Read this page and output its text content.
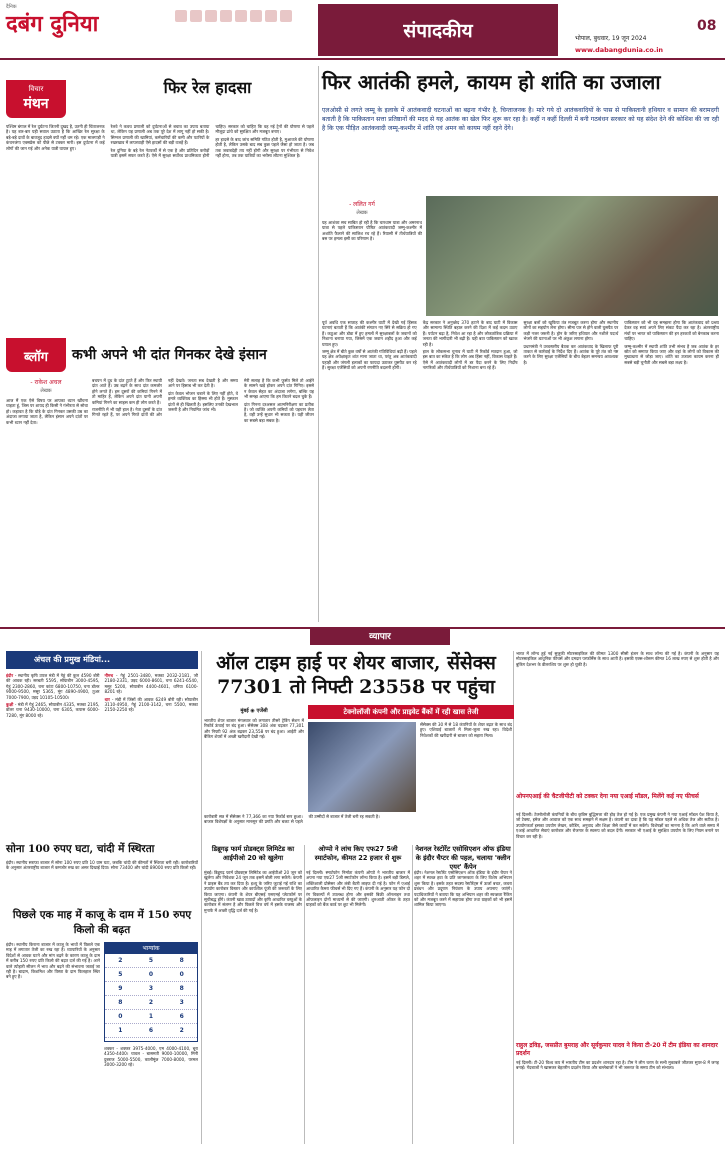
दैनिक
दबंग दुनिया	संपादकीय	भोपाल, बुधवार, 19 जून 2024
www.dabangdunia.co.in
08
विचार
मंथन
फिर रेल हादसा

पश्चिम बंगाल में रेल दुर्घटना जितनी दुखद है, उतनी ही चिंताजनक है। यह बार-बार यही सवाल उठाता है कि आखिर रेल सुरक्षा के बड़े-बड़े दावों के बावजूद हादसे क्यों नहीं थम रहे। एक मालगाड़ी ने कंचनजंगा एक्सप्रेस को पीछे से टक्कर मारी। इस दुर्घटना में कई लोगों की जान गई और अनेक यात्री घायल हुए।

रेलवे ने कवच प्रणाली को दुर्घटनाओं से बचाव का उपाय बताया था, लेकिन यह प्रणाली अब तक पूरे देश में लागू नहीं हो सकी है। सिग्नल प्रणाली की खामियां, कर्मचारियों की कमी और पटरियों के रखरखाव में लापरवाही ऐसे हादसों की बड़ी वजहें हैं।

रेल दुनिया के बड़े रेल नेटवर्कों में से एक है और प्रतिदिन करोड़ों यात्री इसमें सफर करते हैं। ऐसे में सुरक्षा सर्वोच्च प्राथमिकता होनी चाहिए। सरकार को चाहिए कि वह नई ट्रेनों की घोषणा से पहले मौजूदा ढांचे को सुरक्षित और मजबूत बनाए।

हर हादसे के बाद जांच समिति गठित होती है, मुआवजे की घोषणा होती है, लेकिन उसके बाद सब कुछ पहले जैसा हो जाता है। जब तक जवाबदेही तय नहीं होगी और सुरक्षा पर गंभीरता से निवेश नहीं होगा, तब तक यात्रियों का भरोसा लौटना मुश्किल है।

फिर आतंकी हमले, कायम हो शांति का उजाला
एलओसी से लगते जम्मू के इलाके में आतंकवादी घटनाओं का बढ़ना गंभीर है, चिन्ताजनक है। मारे गये दो आतंकवादियों के पास से पाकिस्तानी हथियार व सामान की बरामदगी बताती है कि पाकिस्तान सत्ता प्रतिष्ठानों की मदद से यह आतंक का खेल फिर शुरू कर रहा है। कहीं न कहीं दिल्ली में बनी गठबंधन सरकार को यह संदेश देने की कोशिश की जा रही है कि एक पीड़ित आतंकवादी जम्मू-कश्मीर में शांति एवं अमन को कायम नहीं रहने देंगे।
- ललित गर्ग
लेखक
यह आशंका सच साबित हो रही है कि चारधाम यात्रा और अमरनाथ यात्रा से पहले पाकिस्तान पोषित आतंकवादी जम्मू-कश्मीर में अशांति फैलाने की साजिश रच रहे हैं। रियासी में तीर्थयात्रियों की बस पर हमला इसी का परिणाम है।

पूर्व अवधि एक सप्ताह की कश्मीर घाटी में देखी गई हिंसक घटनाएं बताती हैं कि आतंकी संगठन नए सिरे से सक्रिय हो गए हैं। कठुआ और डोडा में हुए हमलों में सुरक्षाबलों के जवानों को निशाना बनाया गया, जिसमें एक जवान शहीद हुआ और कई घायल हुए।

जम्मू क्षेत्र में बीते कुछ वर्षों से आतंकी गतिविधियां बढ़ी हैं। पहले यह क्षेत्र अपेक्षाकृत शांत माना जाता था, परंतु अब आतंकवादी पहाड़ी और जंगली इलाकों का फायदा उठाकर घुसपैठ कर रहे हैं। सुरक्षा एजेंसियों को अपनी रणनीति बदलनी होगी।

केंद्र सरकार ने अनुच्छेद 370 हटाने के बाद घाटी में विकास और सामान्य स्थिति बहाल करने की दिशा में कई कदम उठाए हैं। पर्यटन बढ़ा है, निवेश आ रहा है और लोकतांत्रिक प्रक्रिया में जनता की भागीदारी भी बढ़ी है। यही बात पाकिस्तान को खटक रही है।

हाल के लोकसभा चुनाव में घाटी में रिकॉर्ड मतदान हुआ, जो इस बात का संकेत है कि लोग अब हिंसा नहीं, विकास चाहते हैं। ऐसे में आतंकवादी लोगों में डर पैदा करने के लिए निर्दोष नागरिकों और तीर्थयात्रियों को निशाना बना रहे हैं।

सुरक्षा बलों को खुफिया तंत्र मजबूत करना होगा और स्थानीय लोगों का सहयोग लेना होगा। सीमा पार से होने वाली घुसपैठ पर कड़ी नजर जरूरी है। ड्रोन के जरिए हथियार और नशीले पदार्थ भेजने की घटनाओं पर भी अंकुश लगाना होगा।

प्रधानमंत्री ने उच्चस्तरीय बैठक कर आतंकवाद के खिलाफ पूरी ताकत से कार्रवाई के निर्देश दिए हैं। आतंक के पूरे तंत्र को नष्ट करने के लिए सुरक्षा एजेंसियों के बीच बेहतर समन्वय आवश्यक है।

पाकिस्तान को भी यह समझना होगा कि आतंकवाद को प्रश्रय देकर वह स्वयं अपने लिए संकट पैदा कर रहा है। अंतरराष्ट्रीय मंचों पर भारत को पाकिस्तान की इन हरकतों को बेनकाब करना चाहिए।

जम्मू-कश्मीर में स्थायी शांति तभी संभव है जब आतंक के हर स्रोत को समाप्त किया जाए और वहां के लोगों को विकास की मुख्यधारा से जोड़ा जाए। शांति का उजाला कायम करना ही सबसे बड़ी चुनौती और सबसे बड़ा लक्ष्य है।

ब्लॉग	कभी अपने भी दांत गिनकर देखे इंसान
- राकेश अचल
लेखक
आज मैं एक ऐसे विषय पर आपका ध्यान खींचना चाहता हूं, जिस पर शायद ही किसी ने गंभीरता से सोचा हो। कहावत है कि घोड़े के दांत गिनकर उसकी उम्र का अंदाजा लगाया जाता है, लेकिन इंसान अपने दांतों पर कभी ध्यान नहीं देता।

बचपन में दूध के दांत टूटते हैं और फिर स्थायी दांत आते हैं। उम्र बढ़ने के साथ दांत कमजोर होने लगते हैं। हम दूसरों की कमियां गिनने में तो माहिर हैं, लेकिन अपने दांत यानी अपनी कमियां गिनने का साहस कम ही लोग करते हैं।

राजनीति में भी यही हाल है। नेता दूसरों के दांत गिनते रहते हैं, पर अपने गिरते दांतों की ओर नहीं देखते। जनता सब देखती है और समय आने पर हिसाब भी कर देती है।

दांत केवल भोजन चबाने के लिए नहीं होते, वे हमारे व्यक्तित्व का हिस्सा भी होते हैं। मुस्कान दांतों से ही खिलती है। इसलिए उनकी देखभाल जरूरी है और नियमित जांच भी।

मेरी सलाह है कि कभी फुर्सत मिले तो आईने के सामने खड़े होकर अपने दांत गिनिए। इससे न केवल सेहत का अंदाजा लगेगा, बल्कि यह भी समझ आएगा कि हम कितने बदल चुके हैं।

दांत गिनना दरअसल आत्मनिरीक्षण का प्रतीक है। जो व्यक्ति अपनी कमियों को पहचान लेता है, वही उन्हें सुधार भी सकता है। यही जीवन का सबसे बड़ा सबक है।

व्यापार
अंचल की प्रमुख मंडियां...

इंदौर - स्थानीय कृषि उपज मंडी में गेहूं की कुल 4590 बोरी की आवक रही। सरबती 5595, सोयाबीन 3000-4595, गेहूं 2300-2860, चना कांटा 6800-10750, चना डॉलर 9000-9500, मसूर 5365, मूंग 4890-4900, तुअर 7000-7900, उड़द 10105-10500।

कुक्षी - मंडी में गेहूं 2465, सोयाबीन 4335, मक्का 2195, डॉलर चना 9430-10000, चना 6305, कपास 6000-7280, मूंग 8000 रहे।

नीमच - गेहूं 2501-3480, मक्का 2032-2181, जौ 2180-2331, उड़द 6000-8601, चना 6241-6540, मसूर 5200, सोयाबीन 4400-4601, धनिया 6100-8201 रहे।

धार - मंडी में जिंसों की आवक 6249 बोरी रही। सोयाबीन 3110-4950, गेहूं 2100-3142, चना 5500, मक्का 2150-2250 रहे।

सोना 100 रुपए घटा, चांदी में स्थिरता
इंदौर। स्थानीय सराफा बाजार में सोना 100 रुपए प्रति 10 ग्राम घटा, जबकि चांदी की कीमतों में स्थिरता बनी रही। कारोबारियों के अनुसार अंतरराष्ट्रीय बाजार में कमजोर रुख का असर दिखाई दिया। सोना 73400 और चांदी 89000 रुपए प्रति किलो रही।
पिछले एक माह में काजू के दाम में 150 रुपए किलो की बढ़त
इंदौर। स्थानीय किराना बाजार में काजू के भावों में पिछले एक माह में लगातार तेजी का रुख रहा है। व्यापारियों के अनुसार विदेशों से आवक घटने और मांग बढ़ने के कारण काजू के दाम में करीब 150 रुपए प्रति किलो की बढ़त दर्ज की गई है। आने वाले त्योहारी सीजन में भाव और बढ़ने की संभावना जताई जा रही है। बादाम, किशमिश और पिस्ता के दाम फिलहाल स्थिर बने हुए हैं।
भाग्यांक
2	5	8
5	0	0
9	3	8
8	2	3
0	1	6
1	6	2
शक्कर - शक्कर 3975-4000, एम 4000-4100, बूरा 4350-4400। चावल - बासमती 9000-10000, मिनी दुबराज 5000-5500, कालीमूंछ 7000-8000, परमल 3000-3200 रहे।
ऑल टाइम हाई पर शेयर बाजार, सेंसेक्स 77301 तो निफ्टी 23558 पर पहुंचा
मुंबई ◉ एजेंसी	टेक्नोलॉजी कंपनी और प्राइवेट बैंकों में रही खास तेजी
भारतीय शेयर बाजार मंगलवार को लगातार तीसरे ट्रेडिंग सेशन में रिकॉर्ड ऊंचाई पर बंद हुआ। सेंसेक्स 308 अंक चढ़कर 77,301 और निफ्टी 92 अंक बढ़कर 23,558 पर बंद हुआ। आईटी और बैंकिंग शेयरों में अच्छी खरीदारी देखी गई।
सेंसेक्स की 30 में से 18 कंपनियों के शेयर बढ़त के साथ बंद हुए। एशियाई बाजारों में मिला-जुला रुख रहा। विदेशी निवेशकों की खरीदारी से बाजार को सहारा मिला।
कारोबारी सत्र में सेंसेक्स ने 77,366 का नया रिकॉर्ड स्तर छुआ। बाजार विशेषज्ञों के अनुसार मानसून की प्रगति और बजट से पहले की उम्मीदों से बाजार में तेजी बनी रह सकती है।
भारत में लॉन्च हुई नई सुजुकी मोटरसाइकिल की कीमत 1300 सीसी इंजन के साथ लॉन्च की गई है। कंपनी के अनुसार यह मोटरसाइकिल आधुनिक फीचर्स और दमदार परफॉर्मेंस के साथ आती है। इसकी एक्स-शोरूम कीमत 16 लाख रुपए से शुरू होती है और बुकिंग देशभर के डीलरशिप पर शुरू हो चुकी है।
ओपनएआई की चैटजीपीटी को टक्कर देगा नया एआई मॉडल, मिलेंगे कई नए फीचर्स
नई दिल्ली। टेक्नोलॉजी कंपनियों के बीच कृत्रिम बुद्धिमत्ता की होड़ तेज हो गई है। एक प्रमुख कंपनी ने नया एआई मॉडल पेश किया है, जो टेक्स्ट, इमेज और आवाज को एक साथ समझने में सक्षम है। कंपनी का दावा है कि यह मॉडल पहले से अधिक तेज और सटीक है। उपयोगकर्ता इसका उपयोग लेखन, कोडिंग, अनुवाद और शिक्षा जैसे कार्यों में कर सकेंगे। विशेषज्ञों का मानना है कि आने वाले समय में एआई आधारित सेवाएं कारोबार और रोजगार के स्वरूप को बदल देंगी। सरकार भी एआई के सुरक्षित उपयोग के लिए नियम बनाने पर विचार कर रही है।
राहुल द्रविड़, जसप्रीत बुमराह और सूर्यकुमार यादव ने किया टी-20 में टीम इंडिया का शानदार प्रदर्शन
नई दिल्ली। टी-20 विश्व कप में भारतीय टीम का प्रदर्शन शानदार रहा है। टीम ने लीग चरण के सभी मुकाबले जीतकर सुपर-8 में जगह बनाई। गेंदबाजों ने खासकर बेहतरीन प्रदर्शन किया और बल्लेबाजों ने भी जरूरत के समय टीम को संभाला।
डिब्रूगढ़ फार्म प्रोडक्ट्स लिमिटेड का आईपीओ 20 को खुलेगा
मुंबई। डिब्रूगढ़ फार्म प्रोडक्ट्स लिमिटेड का आईपीओ 20 जून को खुलेगा और निवेशक 24 जून तक इसमें बोली लगा सकेंगे। कंपनी ने प्राइस बैंड तय कर दिया है। इश्यू के जरिए जुटाई गई राशि का उपयोग कारोबार विस्तार और कार्यशील पूंजी की जरूरतों के लिए किया जाएगा। कंपनी के शेयर बीएसई एसएमई प्लेटफॉर्म पर सूचीबद्ध होंगे। कंपनी खाद्य उत्पादों और कृषि आधारित वस्तुओं के कारोबार में संलग्न है और पिछले वित्त वर्ष में इसके राजस्व और मुनाफे में अच्छी वृद्धि दर्ज की गई है।
ओप्पो ने लांच किए एफ27 5जी स्मार्टफोन, कीमत 22 हजार से शुरू
नई दिल्ली। स्मार्टफोन निर्माता कंपनी ओप्पो ने भारतीय बाजार में अपना नया एफ27 5जी स्मार्टफोन लॉन्च किया है। इसमें बड़ी डिस्प्ले, शक्तिशाली प्रोसेसर और लंबी बैटरी लाइफ दी गई है। फोन में एआई आधारित कैमरा फीचर्स भी दिए गए हैं। कंपनी के अनुसार यह फोन दो रंग विकल्पों में उपलब्ध होगा और इसकी बिक्री ऑनलाइन तथा ऑफलाइन दोनों माध्यमों से की जाएगी। शुरुआती ऑफर के तहत ग्राहकों को बैंक कार्ड पर छूट भी मिलेगी।
नेशनल रेस्टोरेंट एसोसिएशन ऑफ इंडिया के इंदौर चैप्टर की पहल, चलाया 'क्लीन एयर' कैंपेन
इंदौर। नेशनल रेस्टोरेंट एसोसिएशन ऑफ इंडिया के इंदौर चैप्टर ने शहर में स्वच्छ हवा के प्रति जागरूकता के लिए विशेष अभियान शुरू किया है। इसके तहत सदस्य रेस्टोरेंट्स में ऊर्जा बचत, कचरा प्रबंधन और प्रदूषण नियंत्रण के उपाय अपनाए जाएंगे। पदाधिकारियों ने बताया कि यह अभियान शहर की स्वच्छता रैंकिंग को और मजबूत करने में सहायक होगा तथा ग्राहकों को भी इसमें शामिल किया जाएगा।
